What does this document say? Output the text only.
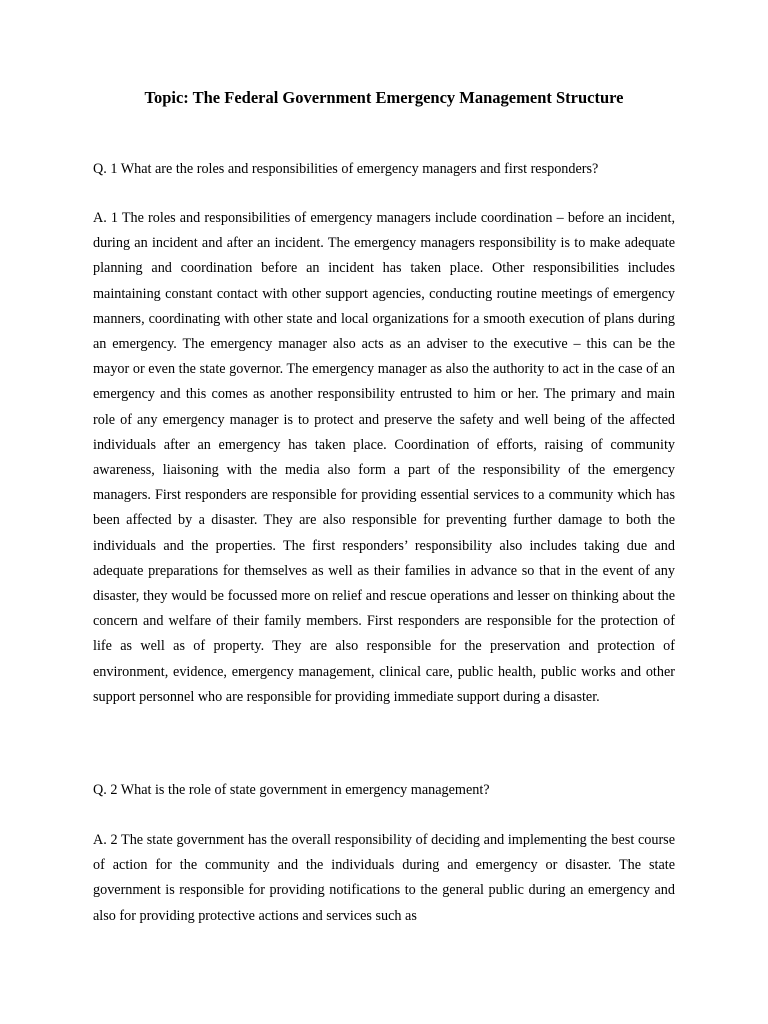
Topic: The Federal Government Emergency Management Structure

Q. 1 What are the roles and responsibilities of emergency managers and first responders?

A. 1 The roles and responsibilities of emergency managers include coordination – before an incident, during an incident and after an incident. The emergency managers responsibility is to make adequate planning and coordination before an incident has taken place. Other responsibilities includes maintaining constant contact with other support agencies, conducting routine meetings of emergency manners, coordinating with other state and local organizations for a smooth execution of plans during an emergency. The emergency manager also acts as an adviser to the executive – this can be the mayor or even the state governor. The emergency manager as also the authority to act in the case of an emergency and this comes as another responsibility entrusted to him or her. The primary and main role of any emergency manager is to protect and preserve the safety and well being of the affected individuals after an emergency has taken place. Coordination of efforts, raising of community awareness, liaisoning with the media also form a part of the responsibility of the emergency managers. First responders are responsible for providing essential services to a community which has been affected by a disaster. They are also responsible for preventing further damage to both the individuals and the properties. The first responders’ responsibility also includes taking due and adequate preparations for themselves as well as their families in advance so that in the event of any disaster, they would be focussed more on relief and rescue operations and lesser on thinking about the concern and welfare of their family members. First responders are responsible for the protection of life as well as of property. They are also responsible for the preservation and protection of environment, evidence, emergency management, clinical care, public health, public works and other support personnel who are responsible for providing immediate support during a disaster.

Q. 2 What is the role of state government in emergency management?

A. 2 The state government has the overall responsibility of deciding and implementing the best course of action for the community and the individuals during and emergency or disaster. The state government is responsible for providing notifications to the general public during an emergency and also for providing protective actions and services such as
